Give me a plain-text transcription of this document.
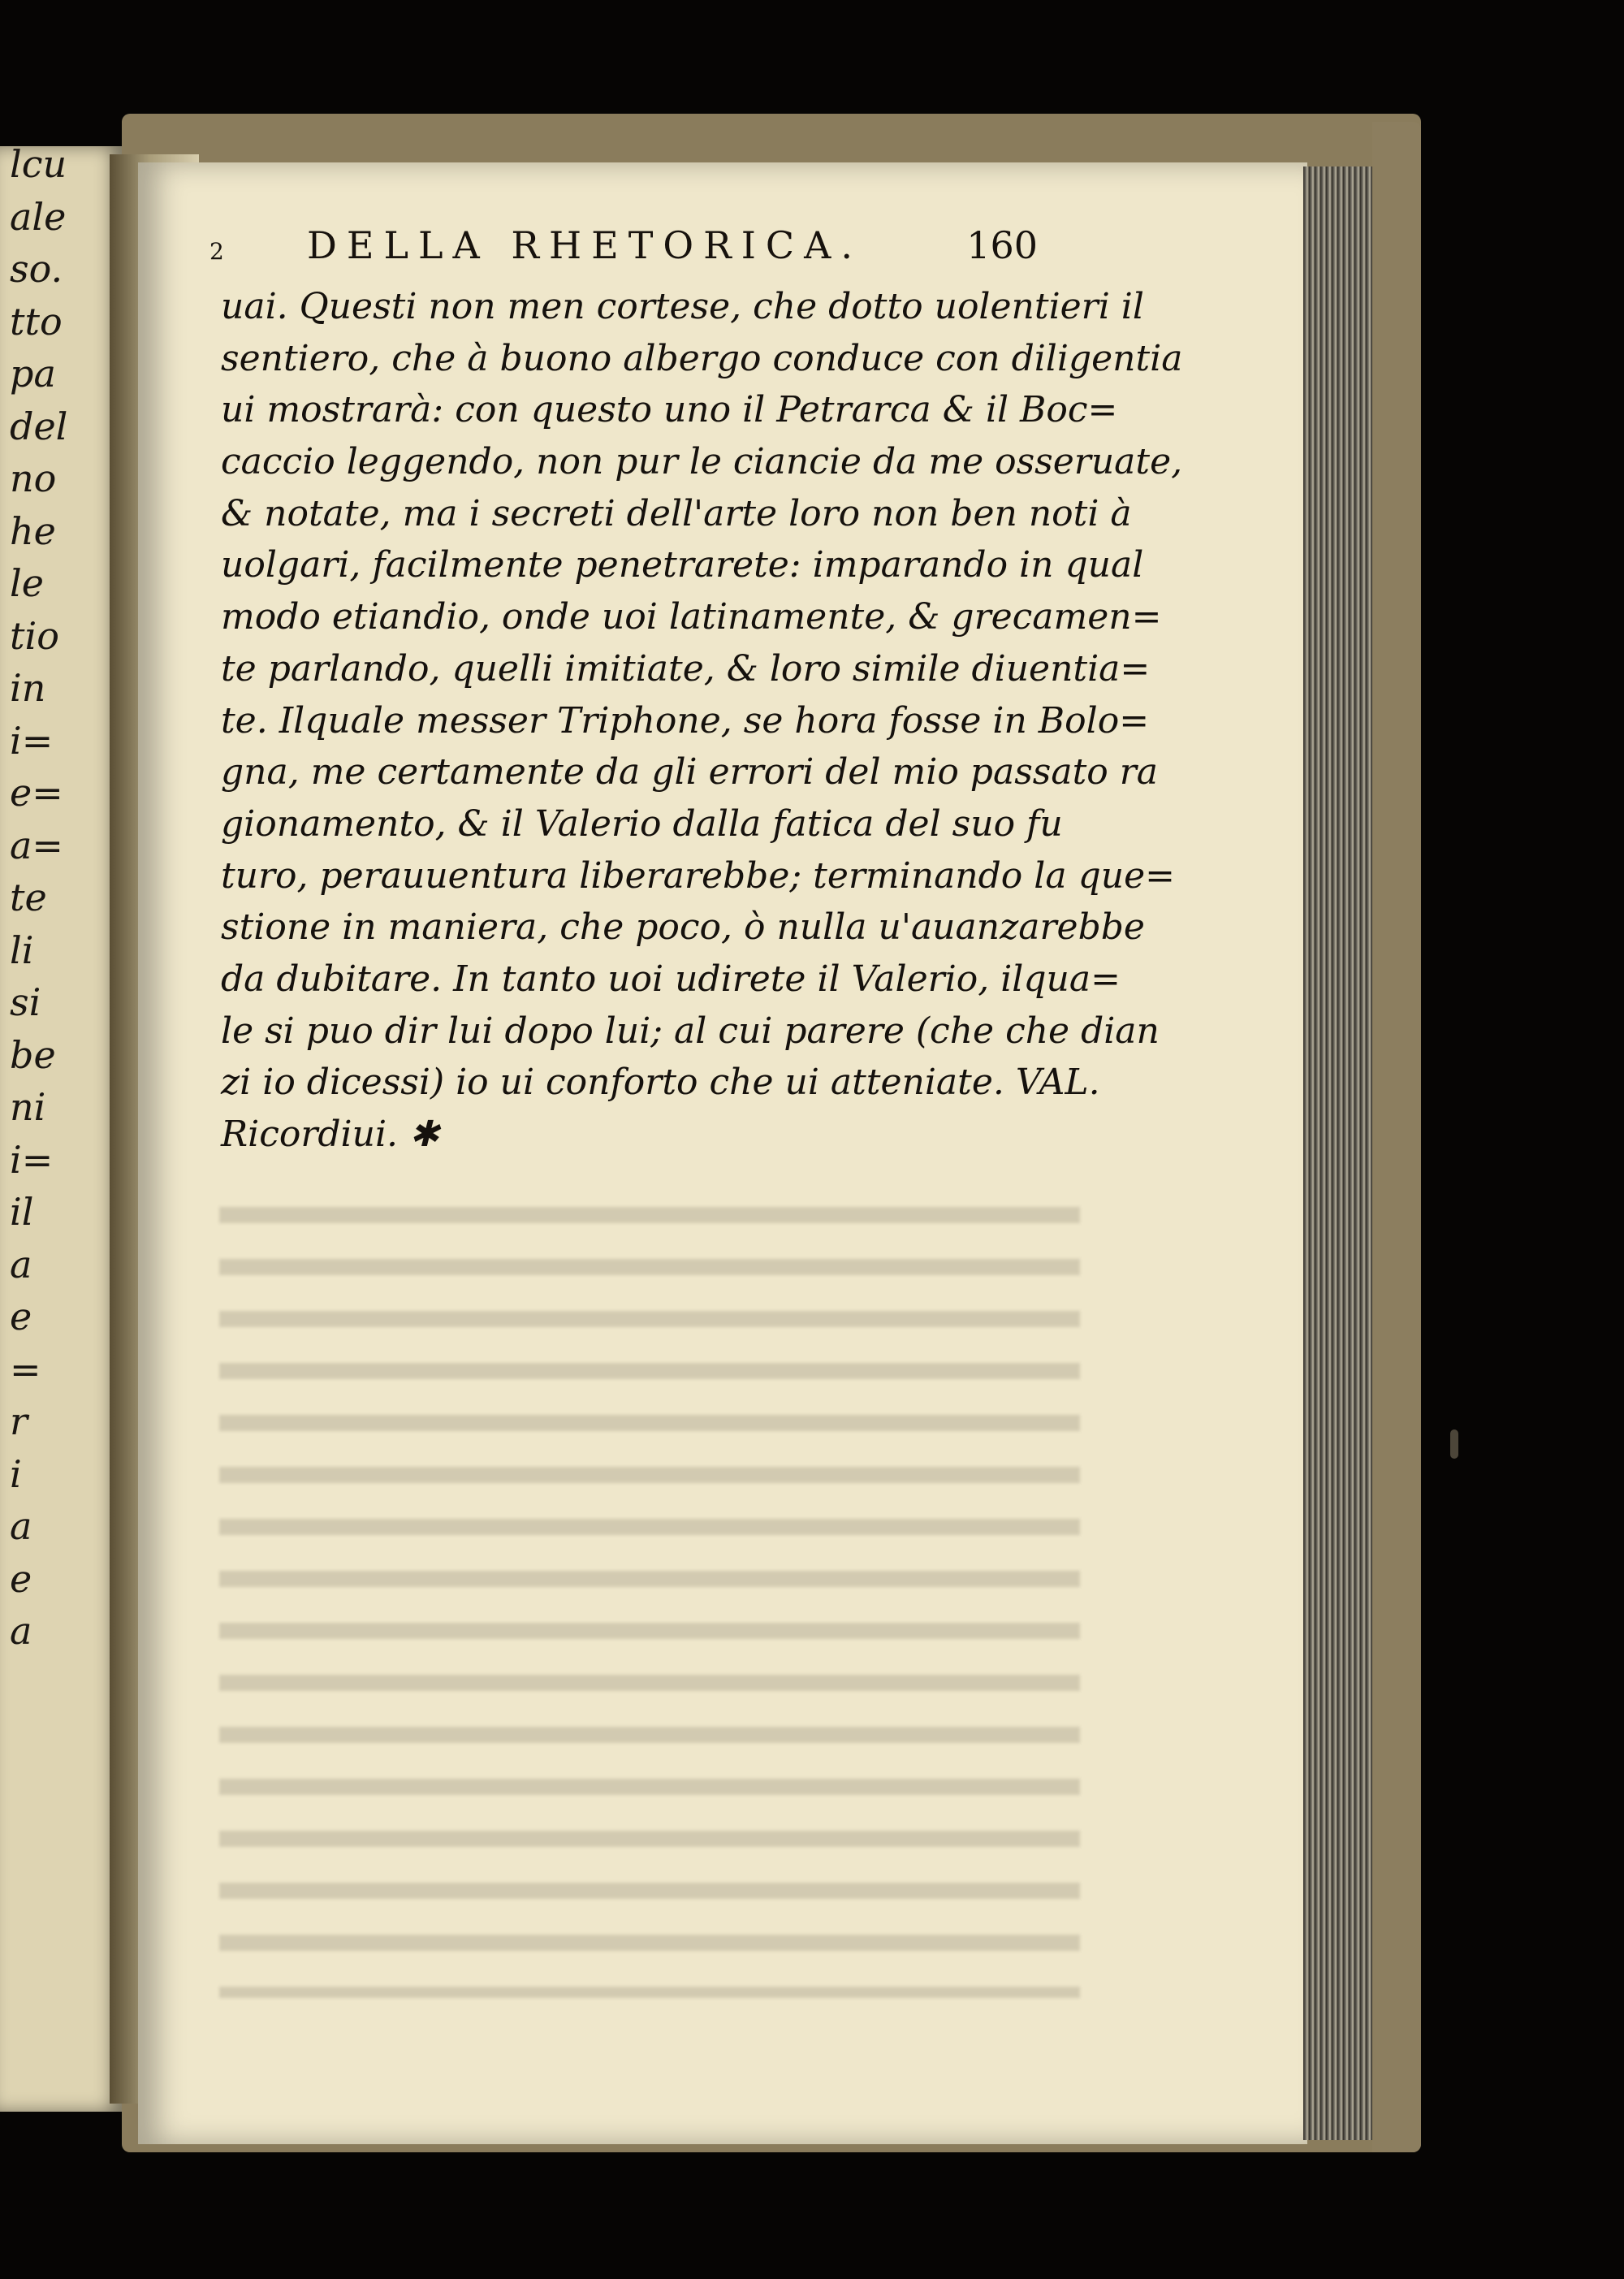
lcu
ale
so.
tto
pa
del
no
he
le
tio
in
i=
e=
a=
te
li
si
be
ni
i=
il
a
e
=
r
i
a
e
a
2 DELLA RHETORICA.	160
uai. Questi non men cortese, che dotto uolentieri il
sentiero, che à buono albergo conduce con diligentia
ui mostrarà: con questo uno il Petrarca & il Boc=
caccio leggendo, non pur le ciancie da me osseruate,
& notate, ma i secreti dell'arte loro non ben noti à
uolgari, facilmente penetrarete: imparando in qual
modo etiandio, onde uoi latinamente, & grecamen=
te parlando, quelli imitiate, & loro simile diuentia=
te. Ilquale messer Triphone, se hora fosse in Bolo=
gna, me certamente da gli errori del mio passato ra
gionamento, & il Valerio dalla fatica del suo fu
turo, perauuentura liberarebbe; terminando la que=
stione in maniera, che poco, ò nulla u'auanzarebbe
da dubitare. In tanto uoi udirete il Valerio, ilqua=
le si puo dir lui dopo lui; al cui parere (che che dian
zi io dicessi) io ui conforto che ui atteniate. VAL.
Ricordiui. ✱
